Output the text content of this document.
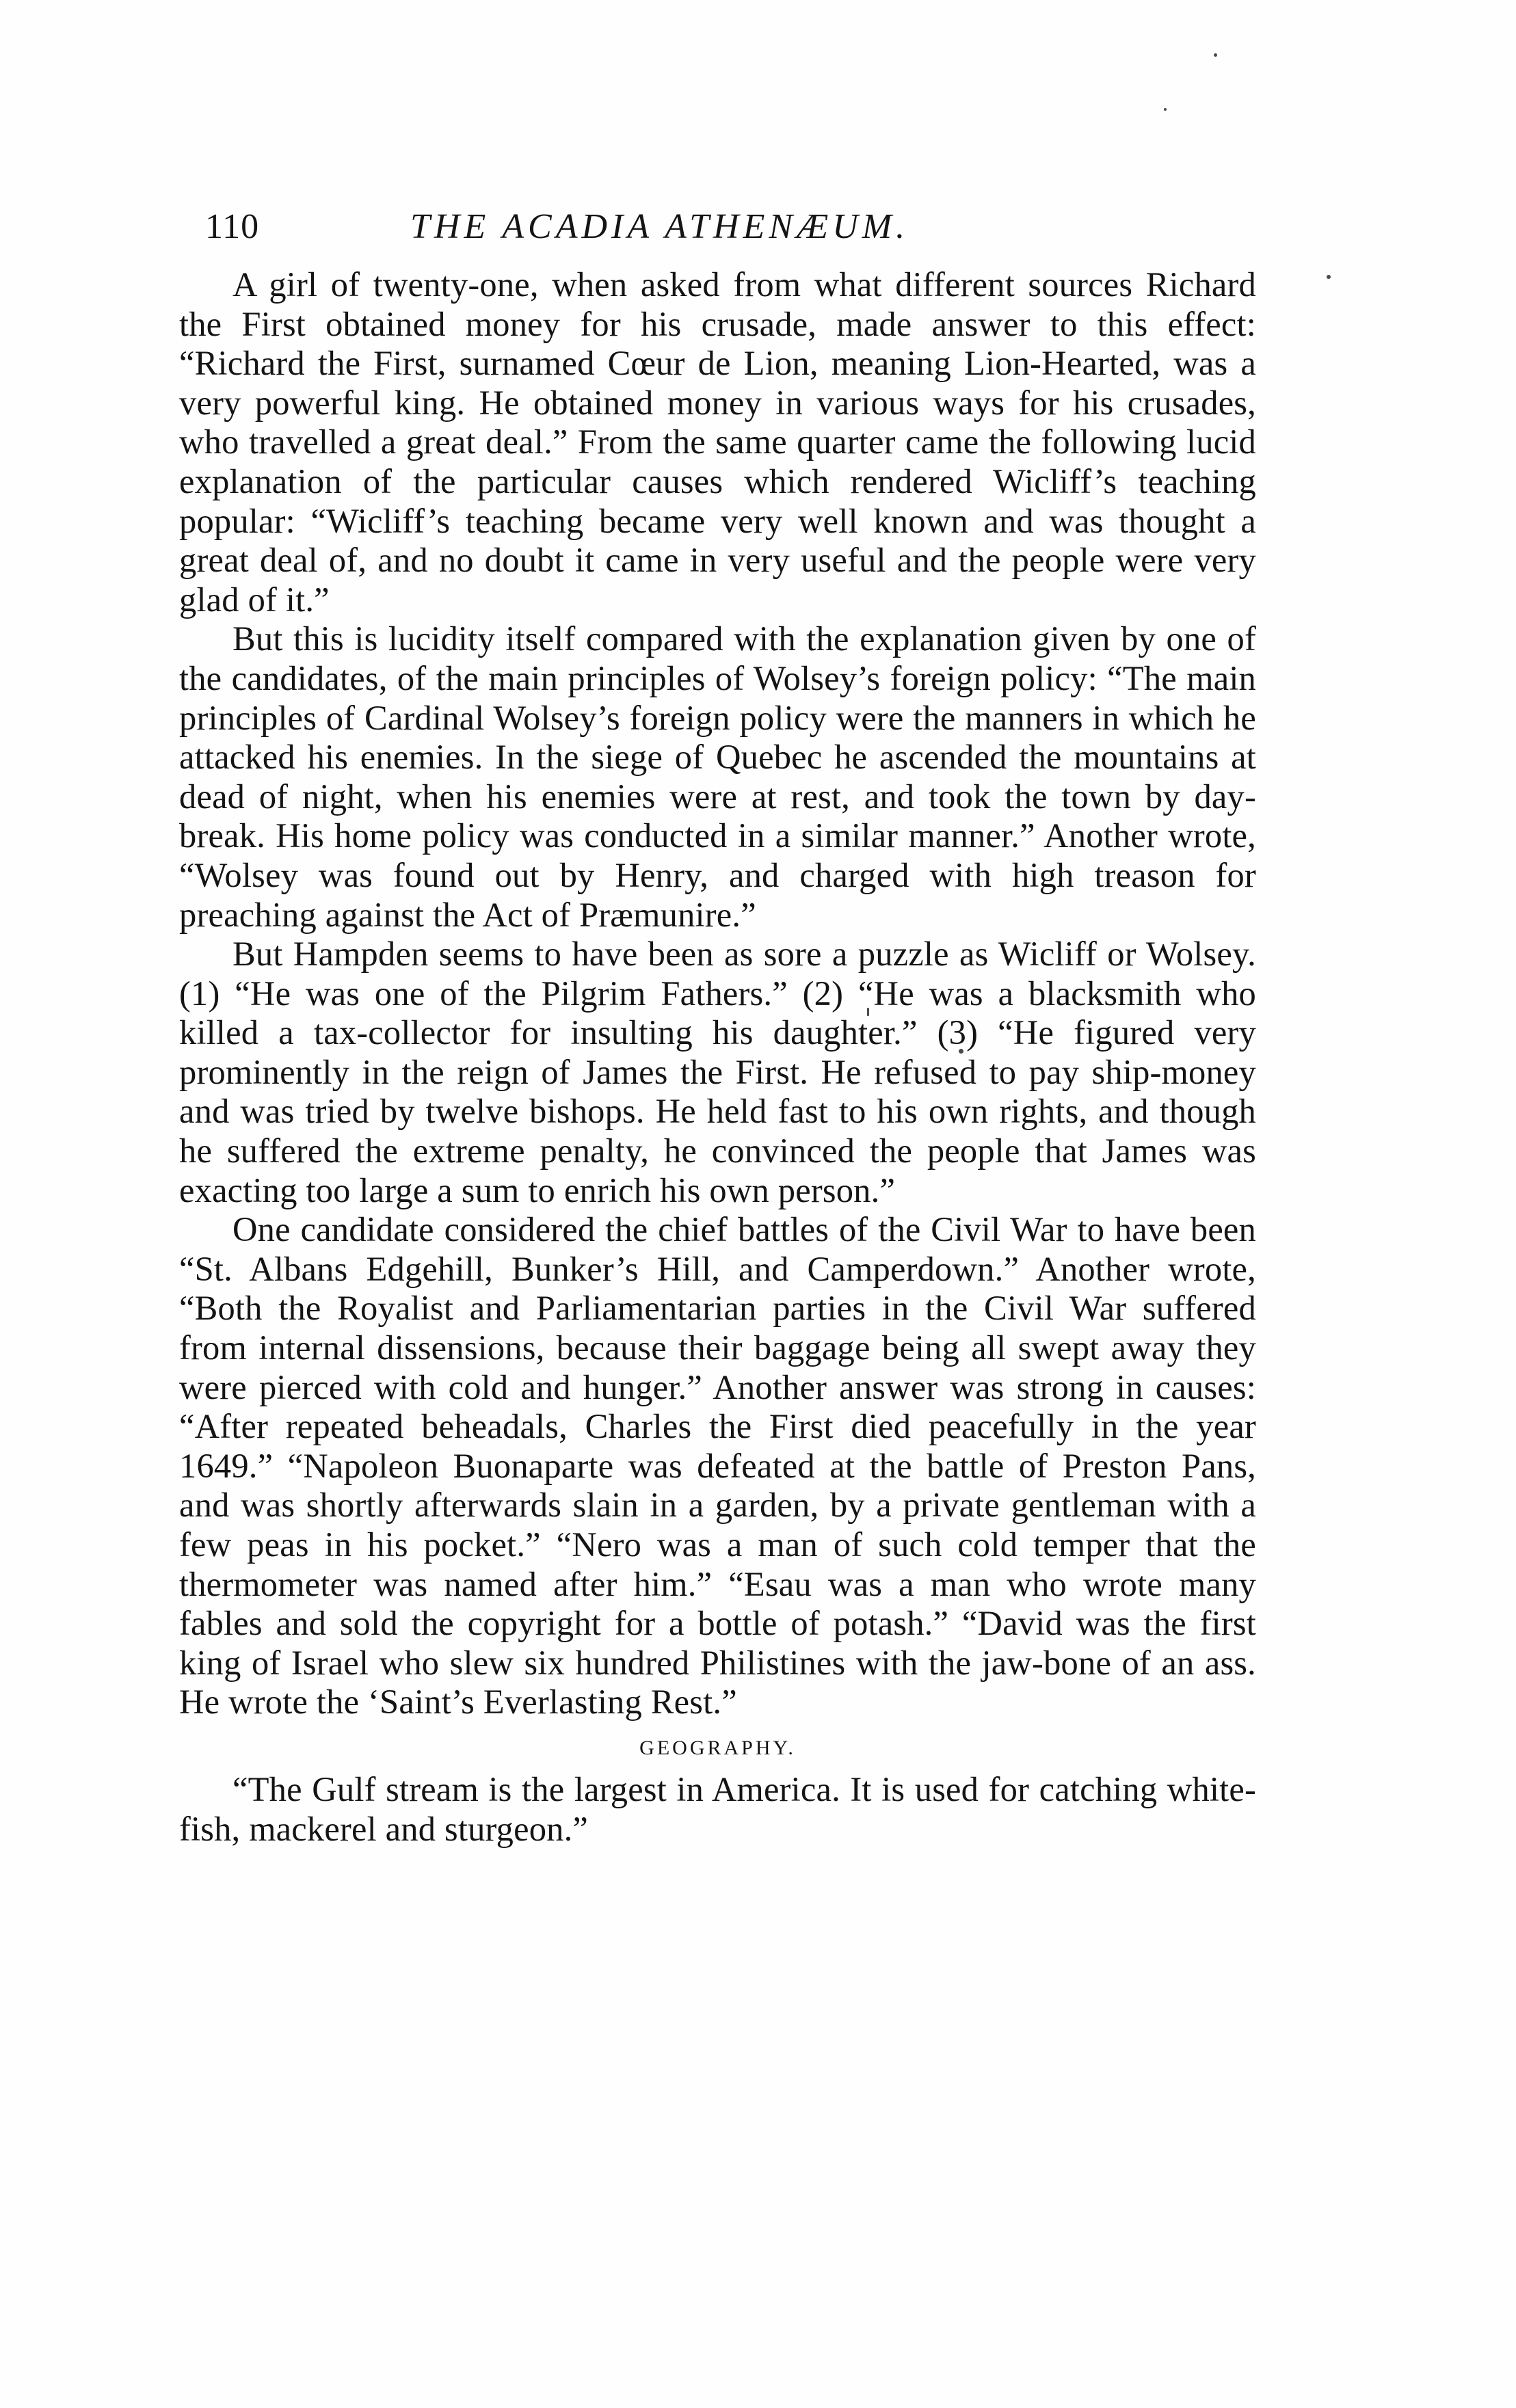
110	THE ACADIA ATHENÆUM.

A girl of twenty-one, when asked from what different sources Richard the First obtained money for his crusade, made answer to this effect: “Richard the First, surnamed Cœur de Lion, meaning Lion-Hearted, was a very powerful king. He obtained money in various ways for his crusades, who travelled a great deal.” From the same quarter came the following lucid explanation of the particular causes which rendered Wicliff’s teaching popular: “Wicliff’s teaching became very well known and was thought a great deal of, and no doubt it came in very useful and the people were very glad of it.”

But this is lucidity itself compared with the explanation given by one of the candidates, of the main principles of Wolsey’s foreign policy: “The main principles of Cardinal Wolsey’s foreign policy were the manners in which he attacked his enemies. In the siege of Quebec he ascended the mountains at dead of night, when his enemies were at rest, and took the town by day-break. His home policy was conducted in a similar manner.” Another wrote, “Wolsey was found out by Henry, and charged with high treason for preaching against the Act of Præmunire.”

But Hampden seems to have been as sore a puzzle as Wicliff or Wolsey. (1) “He was one of the Pilgrim Fathers.” (2) “He was a blacksmith who killed a tax-collector for insulting his daughter.” (3) “He figured very prominently in the reign of James the First. He refused to pay ship-money and was tried by twelve bishops. He held fast to his own rights, and though he suffered the extreme penalty, he convinced the people that James was exacting too large a sum to enrich his own person.”

One candidate considered the chief battles of the Civil War to have been “St. Albans Edgehill, Bunker’s Hill, and Camperdown.” Another wrote, “Both the Royalist and Parliamentarian parties in the Civil War suffered from internal dissensions, because their baggage being all swept away they were pierced with cold and hunger.” Another answer was strong in causes: “After repeated beheadals, Charles the First died peacefully in the year 1649.” “Napoleon Buonaparte was defeated at the battle of Preston Pans, and was shortly afterwards slain in a garden, by a private gentleman with a few peas in his pocket.” “Nero was a man of such cold temper that the thermometer was named after him.” “Esau was a man who wrote many fables and sold the copyright for a bottle of potash.” “David was the first king of Israel who slew six hundred Philistines with the jaw-bone of an ass. He wrote the ‘Saint’s Everlasting Rest.”

GEOGRAPHY.

“The Gulf stream is the largest in America. It is used for catching white-fish, mackerel and sturgeon.”
